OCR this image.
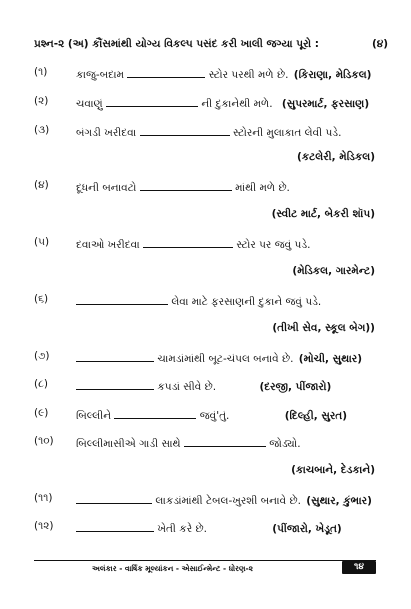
પ્રશ્ન-૨ (અ) કૌંસમાંથી યોગ્ય વિકલ્પ પસંદ કરી ખાલી જગ્યા પૂરો :	(૪)
(૧)	કાજુ-બદામ	સ્ટોર પરથી મળે છે. (કિરાણા, મેડિકલ)
(૨)	ચવાણું	ની દુકાનેથી મળે. (સુપરમાર્ટ, ફરસાણ)
(૩)	બંગડી ખરીદવા	સ્ટોરની મુલાકાત લેવી પડે.
(કટલેરી, મેડિકલ)
(૪)	દૂધની બનાવટો	માંથી મળે છે.
(સ્વીટ માર્ટ, બેકરી શૉપ)
(૫)	દવાઓ ખરીદવા	સ્ટોર પર જવું પડે.
(મેડિકલ, ગારમેન્ટ)
(૬)	લેવા માટે ફરસાણની દુકાને જવું પડે.
(તીખી સેવ, સ્કૂલ બેગ))
(૭)	ચામડાંમાંથી બૂટ-ચંપલ બનાવે છે. (મોચી, સુથાર)
(૮)	કપડાં સીવે છે.	(દરજી, પીંજારો)
(૯)	બિલ્લીને	જવું'તું.	(દિલ્હી, સુરત)
(૧૦) બિલ્લીમાસીએ ગાડી સાથે	જોડ્યો.
(કાચબાને, દેડકાને)
(૧૧)	લાકડાંમાંથી ટેબલ-ખુરશી બનાવે છે. (સુથાર, કુંભાર)
(૧૨)	ખેતી કરે છે.	(પીંજારો, ખેડૂત)
અલંકાર - વાર્ષિક મૂલ્યાંકન - એસાઈન્મેન્ટ - ધોરણ-૨	૧૪
